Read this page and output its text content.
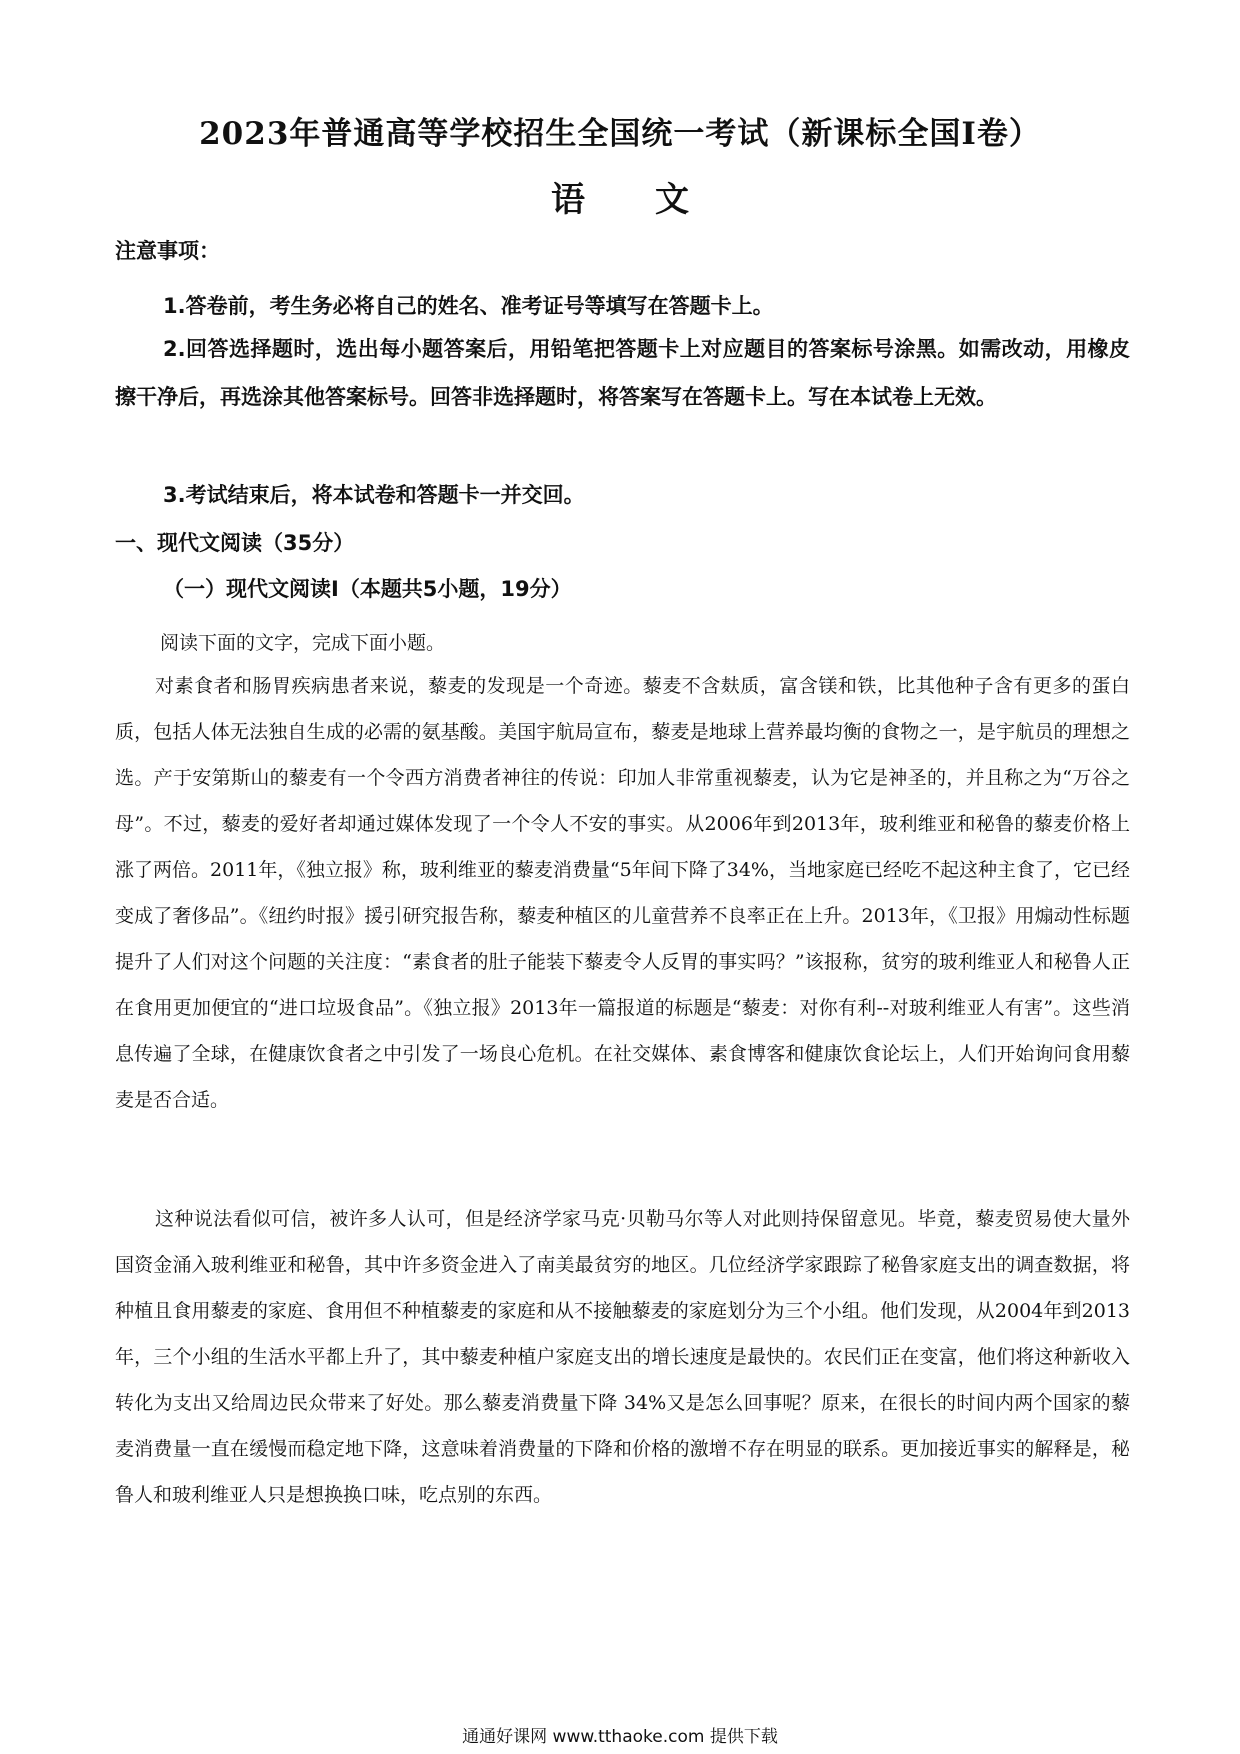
2023年普通高等学校招生全国统一考试（新课标全国Ⅰ卷）
语 文
注意事项：

1.答卷前，考生务必将自己的姓名、准考证号等填写在答题卡上。

2.回答选择题时，选出每小题答案后，用铅笔把答题卡上对应题目的答案标号涂黑。如需改动，用橡皮擦干净后，再选涂其他答案标号。回答非选择题时，将答案写在答题卡上。写在本试卷上无效。

3.考试结束后，将本试卷和答题卡一并交回。

一、现代文阅读（35分）
（一）现代文阅读Ⅰ（本题共5小题，19分）
阅读下面的文字，完成下面小题。

对素食者和肠胃疾病患者来说，藜麦的发现是一个奇迹。藜麦不含麸质，富含镁和铁，比其他种子含有更多的蛋白质，包括人体无法独自生成的必需的氨基酸。美国宇航局宣布，藜麦是地球上营养最均衡的食物之一，是宇航员的理想之选。产于安第斯山的藜麦有一个令西方消费者神往的传说：印加人非常重视藜麦，认为它是神圣的，并且称之为“万谷之母”。不过，藜麦的爱好者却通过媒体发现了一个令人不安的事实。从2006年到2013年，玻利维亚和秘鲁的藜麦价格上涨了两倍。2011年，《独立报》称，玻利维亚的藜麦消费量“5年间下降了34%，当地家庭已经吃不起这种主食了，它已经变成了奢侈品”。《纽约时报》援引研究报告称，藜麦种植区的儿童营养不良率正在上升。2013年，《卫报》用煽动性标题提升了人们对这个问题的关注度：“素食者的肚子能装下藜麦令人反胃的事实吗？”该报称，贫穷的玻利维亚人和秘鲁人正在食用更加便宜的“进口垃圾食品”。《独立报》2013年一篇报道的标题是“藜麦：对你有利--对玻利维亚人有害”。这些消息传遍了全球，在健康饮食者之中引发了一场良心危机。在社交媒体、素食博客和健康饮食论坛上，人们开始询问食用藜麦是否合适。

这种说法看似可信，被许多人认可，但是经济学家马克·贝勒马尔等人对此则持保留意见。毕竟，藜麦贸易使大量外国资金涌入玻利维亚和秘鲁，其中许多资金进入了南美最贫穷的地区。几位经济学家跟踪了秘鲁家庭支出的调查数据，将种植且食用藜麦的家庭、食用但不种植藜麦的家庭和从不接触藜麦的家庭划分为三个小组。他们发现，从2004年到2013年，三个小组的生活水平都上升了，其中藜麦种植户家庭支出的增长速度是最快的。农民们正在变富，他们将这种新收入转化为支出又给周边民众带来了好处。那么藜麦消费量下降 34%又是怎么回事呢？原来，在很长的时间内两个国家的藜麦消费量一直在缓慢而稳定地下降，这意味着消费量的下降和价格的激增不存在明显的联系。更加接近事实的解释是，秘鲁人和玻利维亚人只是想换换口味，吃点别的东西。

通通好课网 www.tthaoke.com 提供下载
